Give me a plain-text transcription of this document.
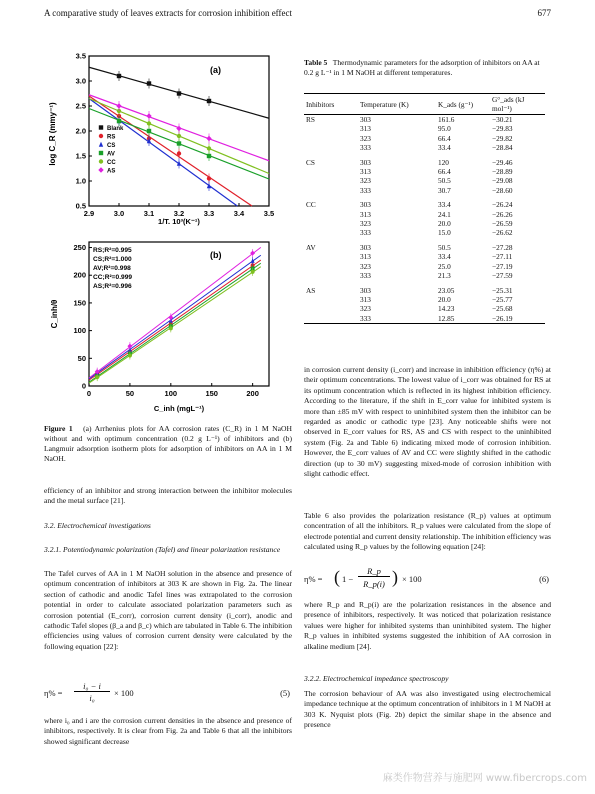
A comparative study of leaves extracts for corrosion inhibition effect	677
2.9	3.0	3.1	3.2	3.3	3.4	3.5
0.5
1.0
1.5
2.0
2.5
3.0
3.5
(a)
log C_R (mmy⁻¹)
1/T. 10³(K⁻¹)
Blank
RS
CS
AV
CC
AS
0	50	100	150	200
0
50
100
150
200
250
(b)
C_inh/θ
C_inh (mgL⁻¹)
RS;R²=0.995
CS;R²=1.000
AV;R²=0.998
CC;R²=0.999
AS;R²=0.996
Figure 1 (a) Arrhenius plots for AA corrosion rates (C_R) in 1 M NaOH without and with optimum concentration (0.2 g L⁻¹) of inhibitors and (b) Langmuir adsorption isotherm plots for adsorption of inhibitors on AA in 1 M NaOH.
efficiency of an inhibitor and strong interaction between the inhibitor molecules and the metal surface [21].
3.2. Electrochemical investigations
3.2.1. Potentiodynamic polarization (Tafel) and linear polarization resistance
The Tafel curves of AA in 1 M NaOH solution in the absence and presence of optimum concentration of inhibitors at 303 K are shown in Fig. 2a. The linear section of cathodic and anodic Tafel lines was extrapolated to the corrosion potential in order to calculate associated polarization parameters such as corrosion potential (E_corr), corrosion current density (i_corr), anodic and cathodic Tafel slopes (β_a and β_c) which are tabulated in Table 6. The inhibition efficiencies using values of corrosion current density were calculated by the following equation [22]:
η% =
i₀ − i
i₀	× 100	(5)
where i₀ and i are the corrosion current densities in the absence and presence of inhibitors, respectively. It is clear from Fig. 2a and Table 6 that all the inhibitors showed significant decrease
Table 5 Thermodynamic parameters for the adsorption of inhibitors on AA at 0.2 g L⁻¹ in 1 M NaOH at different temperatures.
Inhibitors	Temperature (K)	K_ads (g⁻¹)	G°_ads (kJ mol⁻¹)
RS	303	161.6	−30.21
	313	95.0	−29.83
	323	66.4	−29.82
	333	33.4	−28.84
CS	303	120	−29.46
	313	66.4	−28.89
	323	50.5	−29.08
	333	30.7	−28.60
CC	303	33.4	−26.24
	313	24.1	−26.26
	323	20.0	−26.59
	333	15.0	−26.62
AV	303	50.5	−27.28
	313	33.4	−27.11
	323	25.0	−27.19
	333	21.3	−27.59
AS	303	23.05	−25.31
	313	20.0	−25.77
	323	14.23	−25.68
	333	12.85	−26.19
in corrosion current density (i_corr) and increase in inhibition efficiency (η%) at their optimum concentrations. The lowest value of i_corr was obtained for RS at its optimum concentration which is reflected in its highest inhibition efficiency. According to the literature, if the shift in E_corr value for inhibited system is more than ±85 mV with respect to uninhibited system then the inhibitor can be regarded as anodic or cathodic type [23]. Any noticeable shifts were not observed in E_corr values for RS, AS and CS with respect to the uninhibited system (Fig. 2a and Table 6) indicating mixed mode of corrosion inhibition. However, the E_corr values of AV and CC were slightly shifted in the cathodic direction (up to 30 mV) suggesting mixed-mode of corrosion inhibition with slight cathodic effect.
Table 6 also provides the polarization resistance (R_p) values at optimum concentration of all the inhibitors. R_p values were calculated from the slope of electrode potential and current density relationship. The inhibition efficiency was calculated using R_p values by the following equation [24]:
η% = ( 1 −
R_p
R_p(i) ) × 100	(6)
where R_p and R_p(i) are the polarization resistances in the absence and presence of inhibitors, respectively. It was noticed that polarization resistance values were higher for inhibited systems than uninhibited system. The higher R_p values in inhibited systems suggested the inhibition of AA corrosion in alkaline medium [24].
3.2.2. Electrochemical impedance spectroscopy
The corrosion behaviour of AA was also investigated using electrochemical impedance technique at the optimum concentration of inhibitors in 1 M NaOH at 303 K. Nyquist plots (Fig. 2b) depict the similar shape in the absence and presence
麻类作物营养与施肥网 www.fibercrops.com
